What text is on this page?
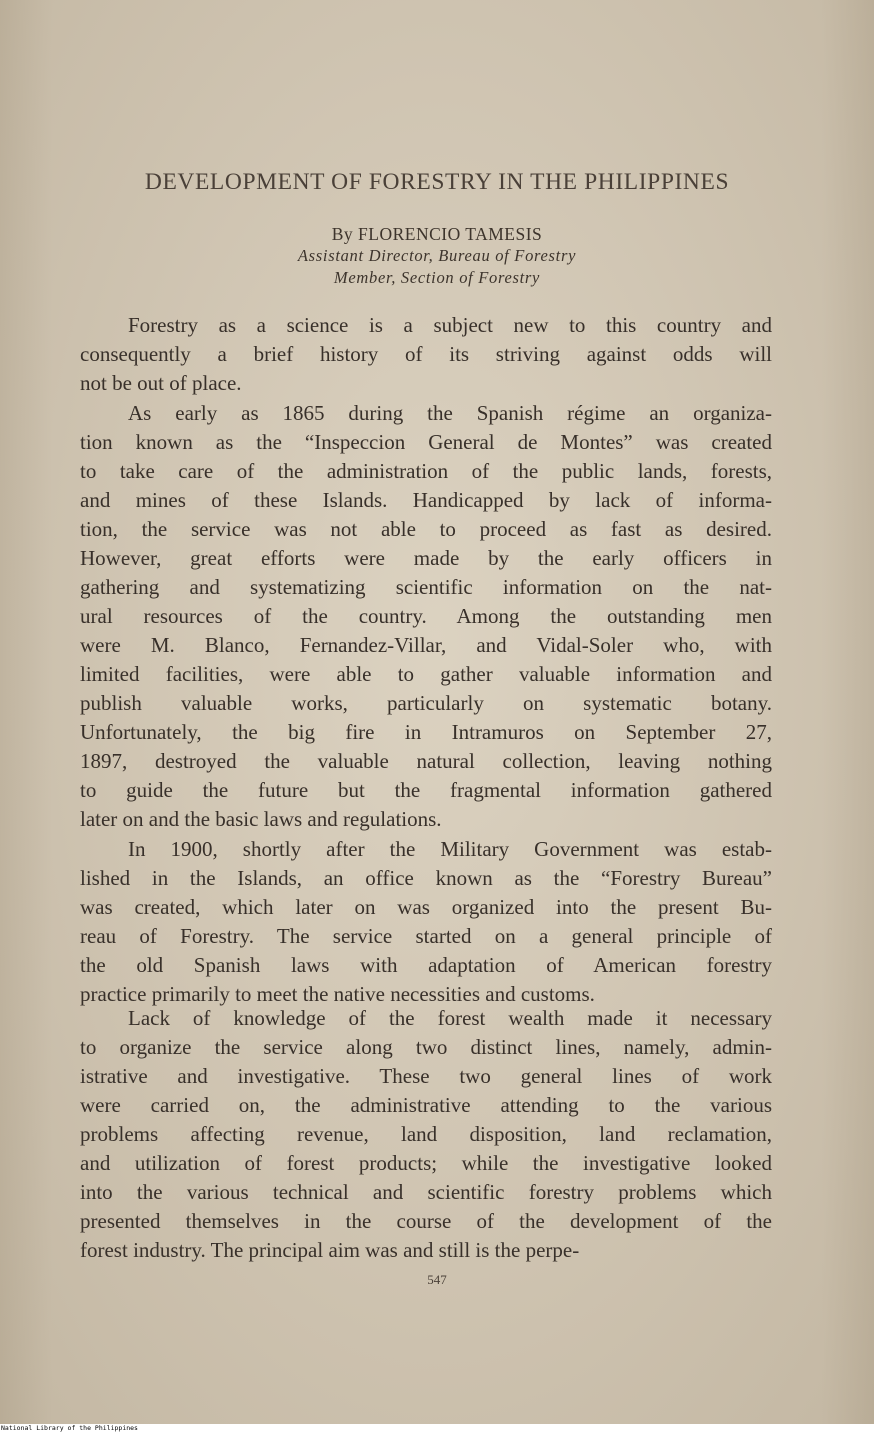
DEVELOPMENT OF FORESTRY IN THE PHILIPPINES

By FLORENCIO TAMESIS

Assistant Director, Bureau of Forestry

Member, Section of Forestry

Forestry as a science is a subject new to this country and
consequently a brief history of its striving against odds will
not be out of place.
As early as 1865 during the Spanish régime an organiza-
tion known as the “Inspeccion General de Montes” was created
to take care of the administration of the public lands, forests,
and mines of these Islands. Handicapped by lack of informa-
tion, the service was not able to proceed as fast as desired.
However, great efforts were made by the early officers in
gathering and systematizing scientific information on the nat-
ural resources of the country. Among the outstanding men
were M. Blanco, Fernandez-Villar, and Vidal-Soler who, with
limited facilities, were able to gather valuable information and
publish valuable works, particularly on systematic botany.
Unfortunately, the big fire in Intramuros on September 27,
1897, destroyed the valuable natural collection, leaving nothing
to guide the future but the fragmental information gathered
later on and the basic laws and regulations.
In 1900, shortly after the Military Government was estab-
lished in the Islands, an office known as the “Forestry Bureau”
was created, which later on was organized into the present Bu-
reau of Forestry. The service started on a general principle of
the old Spanish laws with adaptation of American forestry
practice primarily to meet the native necessities and customs.
Lack of knowledge of the forest wealth made it necessary
to organize the service along two distinct lines, namely, admin-
istrative and investigative. These two general lines of work
were carried on, the administrative attending to the various
problems affecting revenue, land disposition, land reclamation,
and utilization of forest products; while the investigative looked
into the various technical and scientific forestry problems which
presented themselves in the course of the development of the
forest industry. The principal aim was and still is the perpe-

547

National Library of the Philippines
